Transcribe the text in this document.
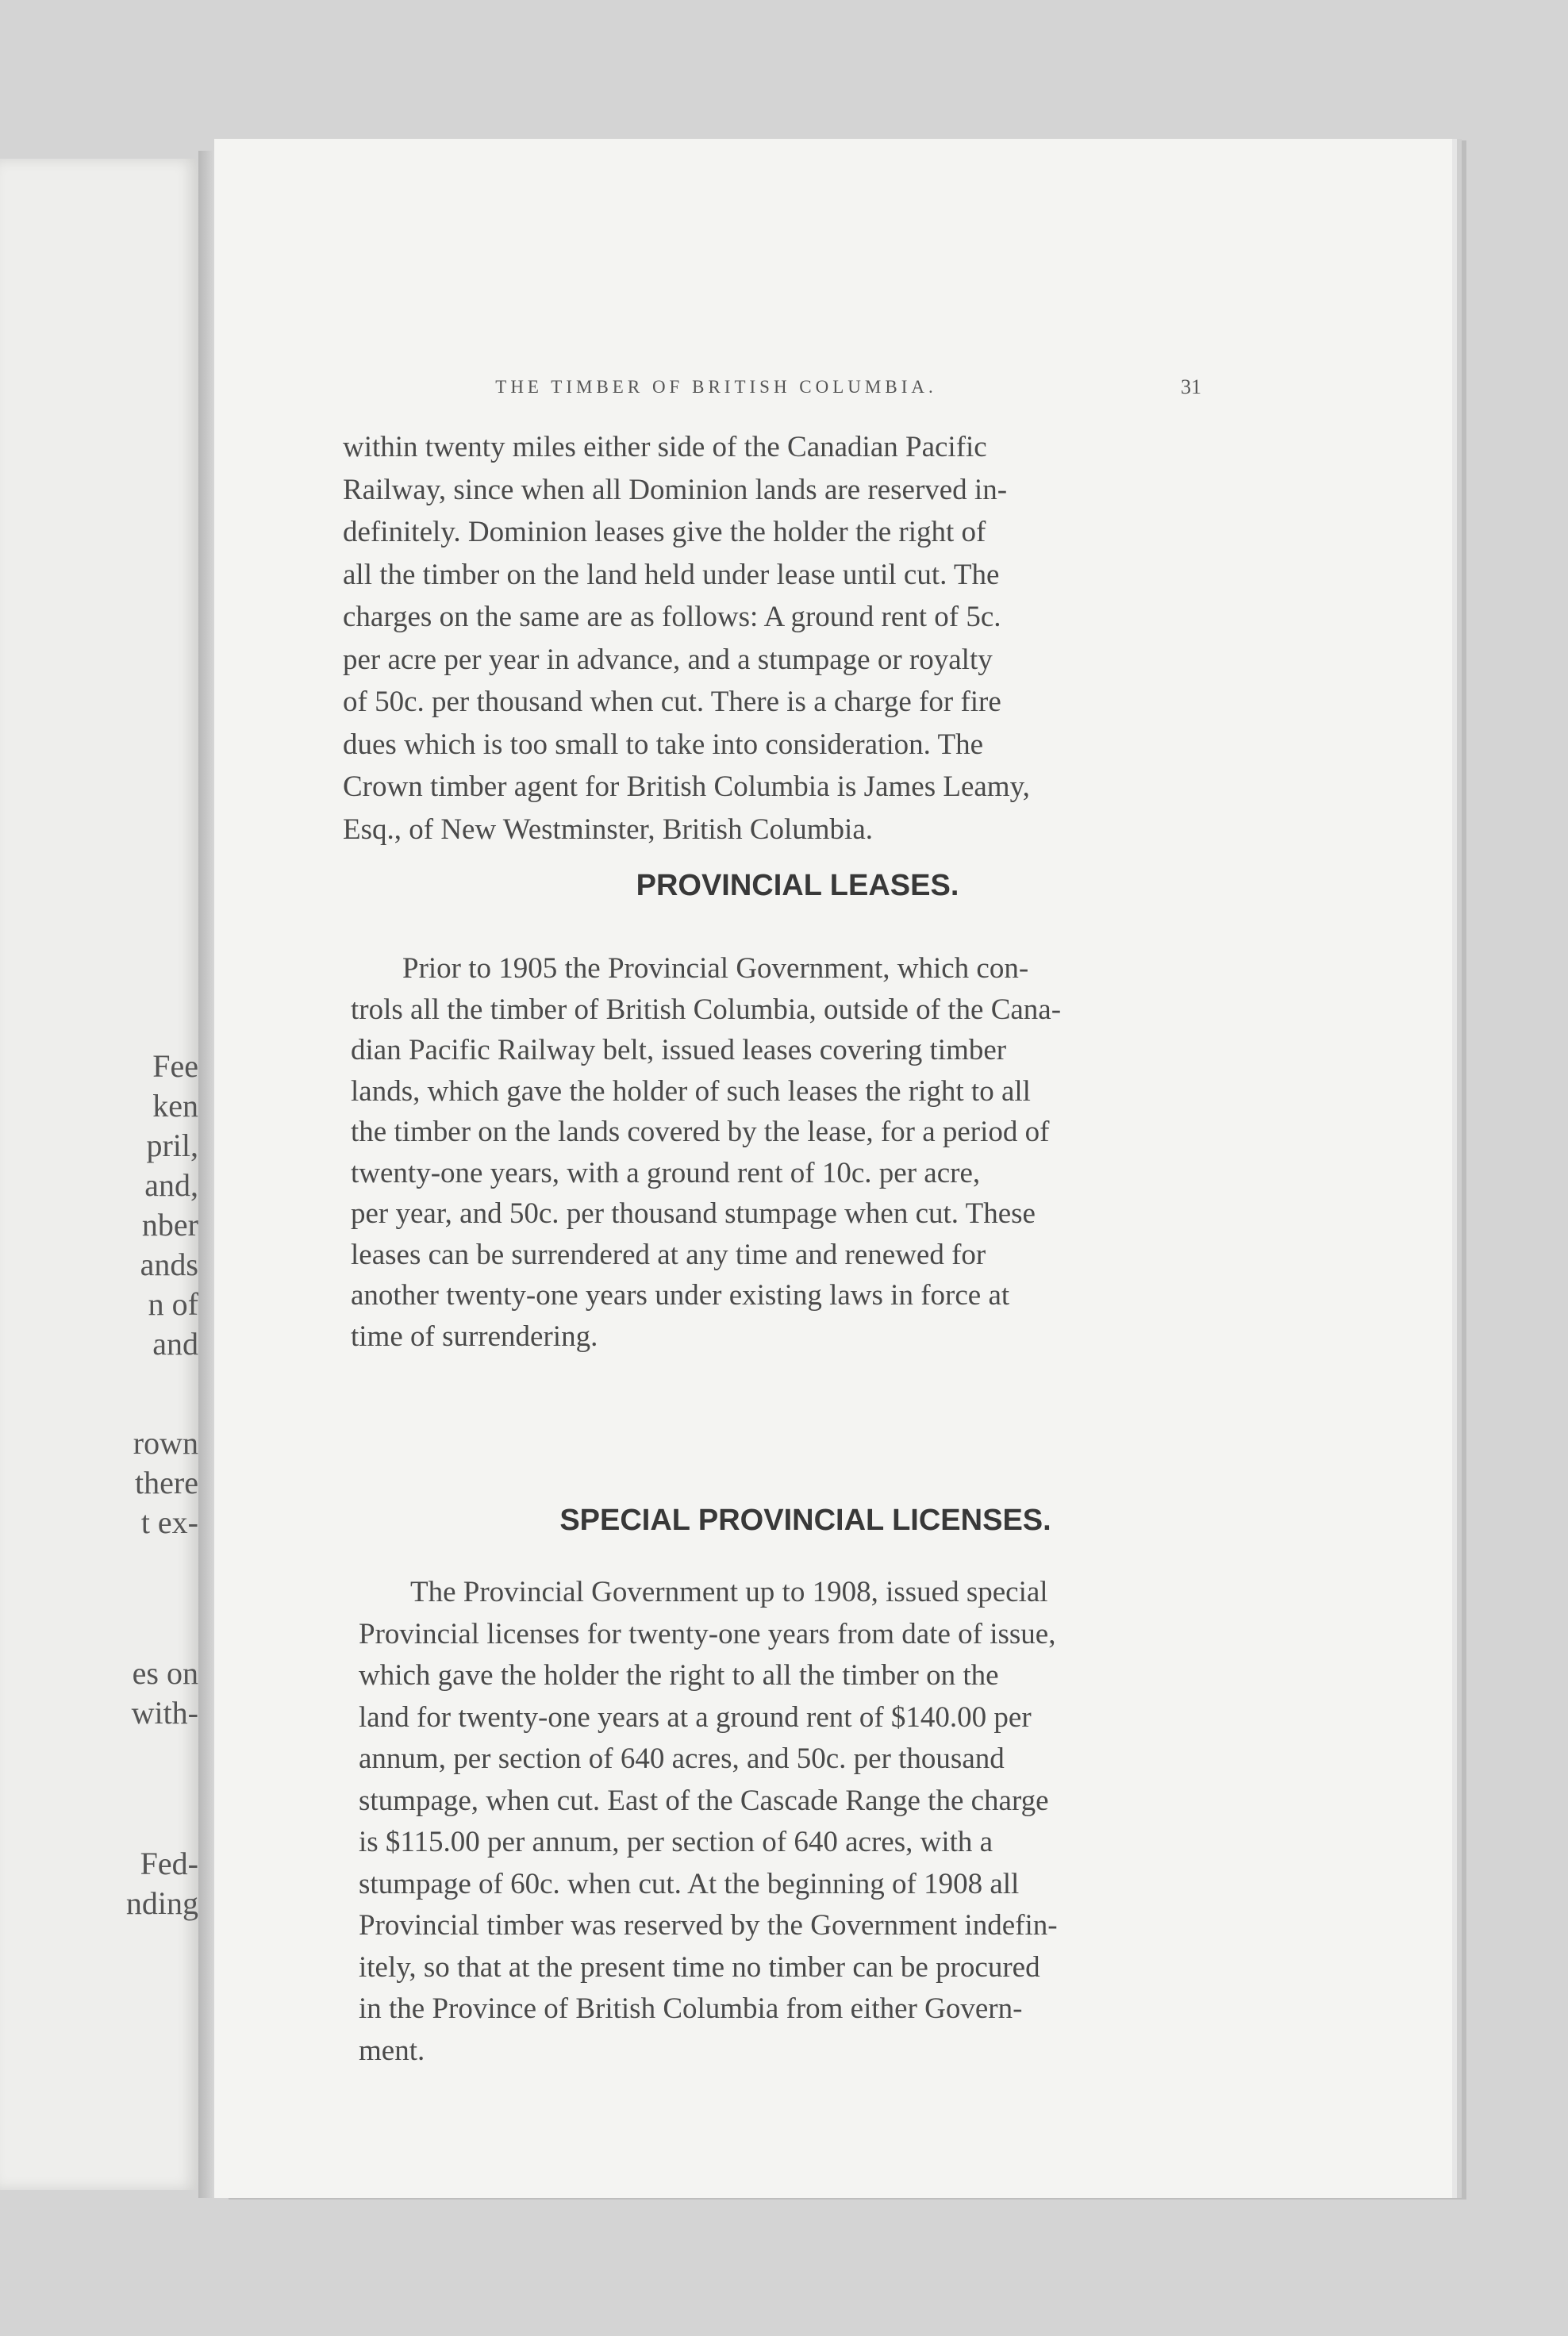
Fee
ken
pril,
and,
nber
ands
n of
and
rown
there
t ex-
es on
with-
Fed-
nding
THE TIMBER OF BRITISH COLUMBIA.	31
within twenty miles either side of the Canadian Pacific
Railway, since when all Dominion lands are reserved in-
definitely. Dominion leases give the holder the right of
all the timber on the land held under lease until cut. The
charges on the same are as follows: A ground rent of 5c.
per acre per year in advance, and a stumpage or royalty
of 50c. per thousand when cut. There is a charge for fire
dues which is too small to take into consideration. The
Crown timber agent for British Columbia is James Leamy,
Esq., of New Westminster, British Columbia.
PROVINCIAL LEASES.
Prior to 1905 the Provincial Government, which con-
trols all the timber of British Columbia, outside of the Cana-
dian Pacific Railway belt, issued leases covering timber
lands, which gave the holder of such leases the right to all
the timber on the lands covered by the lease, for a period of
twenty-one years, with a ground rent of 10c. per acre,
per year, and 50c. per thousand stumpage when cut. These
leases can be surrendered at any time and renewed for
another twenty-one years under existing laws in force at
time of surrendering.
SPECIAL PROVINCIAL LICENSES.
The Provincial Government up to 1908, issued special
Provincial licenses for twenty-one years from date of issue,
which gave the holder the right to all the timber on the
land for twenty-one years at a ground rent of $140.00 per
annum, per section of 640 acres, and 50c. per thousand
stumpage, when cut. East of the Cascade Range the charge
is $115.00 per annum, per section of 640 acres, with a
stumpage of 60c. when cut. At the beginning of 1908 all
Provincial timber was reserved by the Government indefin-
itely, so that at the present time no timber can be procured
in the Province of British Columbia from either Govern-
ment.
